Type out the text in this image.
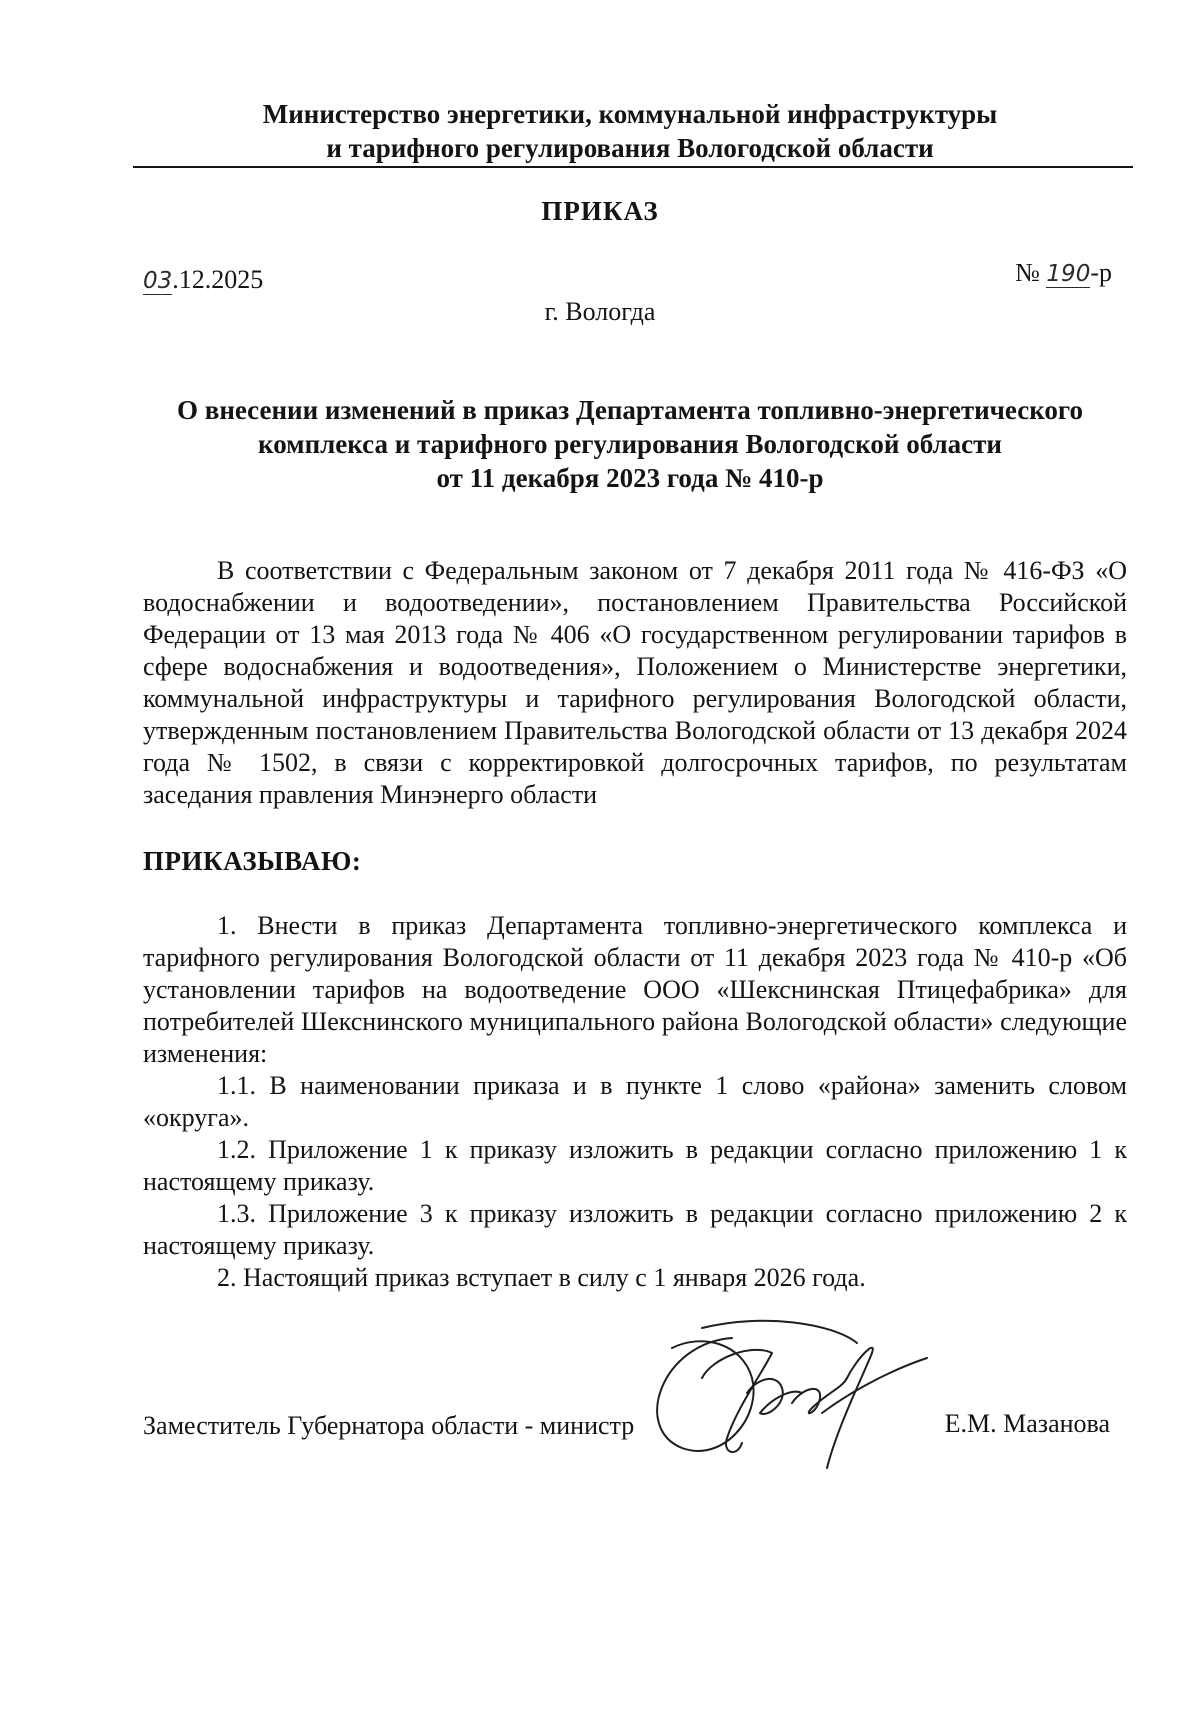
Министерство энергетики, коммунальной инфраструктуры
и тарифного регулирования Вологодской области
ПРИКАЗ
03.12.2025	№ 190-р
г. Вологда
О внесении изменений в приказ Департамента топливно-энергетического
комплекса и тарифного регулирования Вологодской области
от 11 декабря 2023 года № 410-р
В соответствии с Федеральным законом от 7 декабря 2011 года № 416-ФЗ «О водоснабжении и водоотведении», постановлением Правительства Российской Федерации от 13 мая 2013 года № 406 «О государственном регулировании тарифов в сфере водоснабжения и водоотведения», Положением о Министерстве энергетики, коммунальной инфраструктуры и тарифного регулирования Вологодской области, утвержденным постановлением Правительства Вологодской области от 13 декабря 2024 года № 1502, в связи с корректировкой долгосрочных тарифов, по результатам заседания правления Минэнерго области
ПРИКАЗЫВАЮ:
1. Внести в приказ Департамента топливно-энергетического комплекса и тарифного регулирования Вологодской области от 11 декабря 2023 года № 410-р «Об установлении тарифов на водоотведение ООО «Шекснинская Птицефабрика» для потребителей Шекснинского муниципального района Вологодской области» следующие изменения:
1.1. В наименовании приказа и в пункте 1 слово «района» заменить словом «округа».
1.2. Приложение 1 к приказу изложить в редакции согласно приложению 1 к настоящему приказу.
1.3. Приложение 3 к приказу изложить в редакции согласно приложению 2 к настоящему приказу.
2. Настоящий приказ вступает в силу с 1 января 2026 года.
Заместитель Губернатора области - министр	Е.М. Мазанова
